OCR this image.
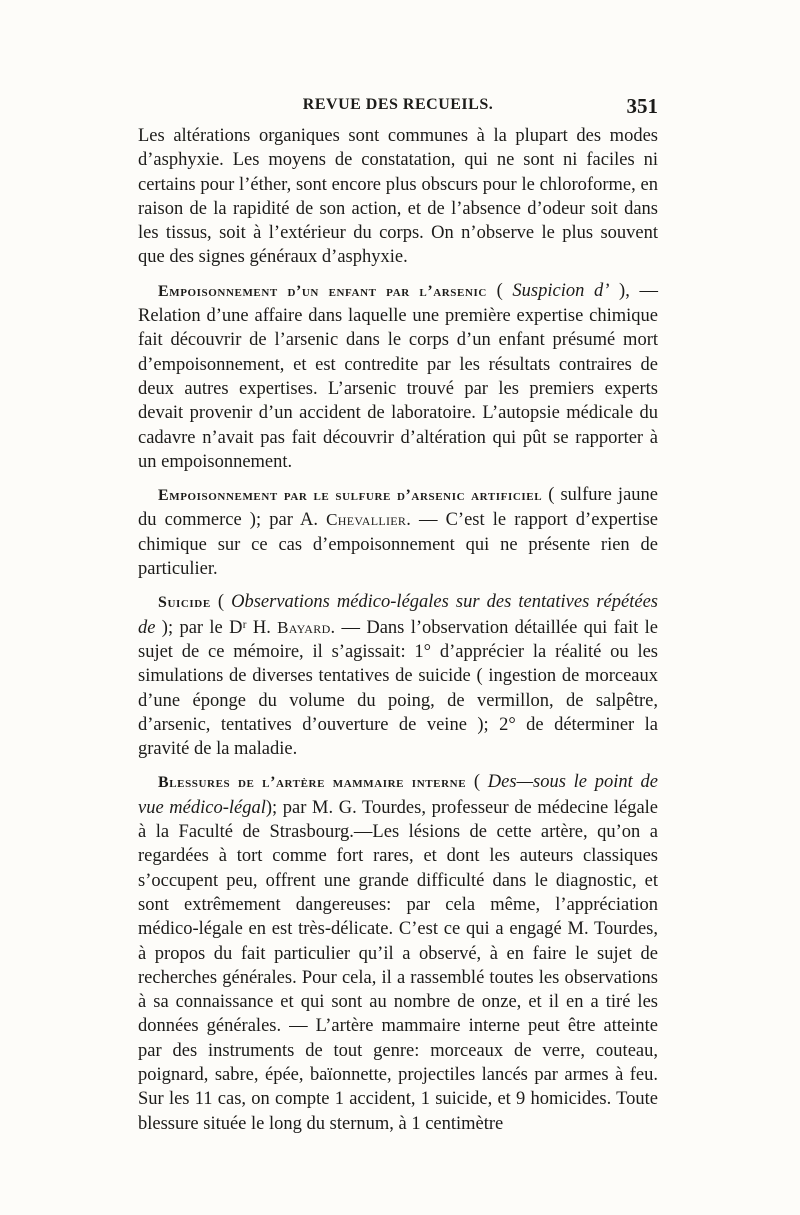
REVUE DES RECUEILS.	351

Les altérations organiques sont communes à la plupart des modes d’asphyxie. Les moyens de constatation, qui ne sont ni faciles ni certains pour l’éther, sont encore plus obscurs pour le chloroforme, en raison de la rapidité de son action, et de l’absence d’odeur soit dans les tissus, soit à l’extérieur du corps. On n’observe le plus souvent que des signes généraux d’asphyxie.

Empoisonnement d’un enfant par l’arsenic ( Suspicion d’ ), — Relation d’une affaire dans laquelle une première expertise chimique fait découvrir de l’arsenic dans le corps d’un enfant présumé mort d’empoisonnement, et est contredite par les résultats contraires de deux autres expertises. L’arsenic trouvé par les premiers experts devait provenir d’un accident de laboratoire. L’autopsie médicale du cadavre n’avait pas fait découvrir d’altération qui pût se rapporter à un empoisonnement.

Empoisonnement par le sulfure d’arsenic artificiel ( sulfure jaune du commerce ); par A. Chevallier. — C’est le rapport d’expertise chimique sur ce cas d’empoisonnement qui ne présente rien de particulier.

Suicide ( Observations médico-légales sur des tentatives répétées de ); par le Dʳ H. Bayard. — Dans l’observation détaillée qui fait le sujet de ce mémoire, il s’agissait: 1° d’apprécier la réalité ou les simulations de diverses tentatives de suicide ( ingestion de morceaux d’une éponge du volume du poing, de vermillon, de salpêtre, d’arsenic, tentatives d’ouverture de veine ); 2° de déterminer la gravité de la maladie.

Blessures de l’artère mammaire interne ( Des—sous le point de vue médico-légal); par M. G. Tourdes, professeur de médecine légale à la Faculté de Strasbourg.—Les lésions de cette artère, qu’on a regardées à tort comme fort rares, et dont les auteurs classiques s’occupent peu, offrent une grande difficulté dans le diagnostic, et sont extrêmement dangereuses: par cela même, l’appréciation médico-légale en est très-délicate. C’est ce qui a engagé M. Tourdes, à propos du fait particulier qu’il a observé, à en faire le sujet de recherches générales. Pour cela, il a rassemblé toutes les observations à sa connaissance et qui sont au nombre de onze, et il en a tiré les données générales. — L’artère mammaire interne peut être atteinte par des instruments de tout genre: morceaux de verre, couteau, poignard, sabre, épée, baïonnette, projectiles lancés par armes à feu. Sur les 11 cas, on compte 1 accident, 1 suicide, et 9 homicides. Toute blessure située le long du sternum, à 1 centimètre
